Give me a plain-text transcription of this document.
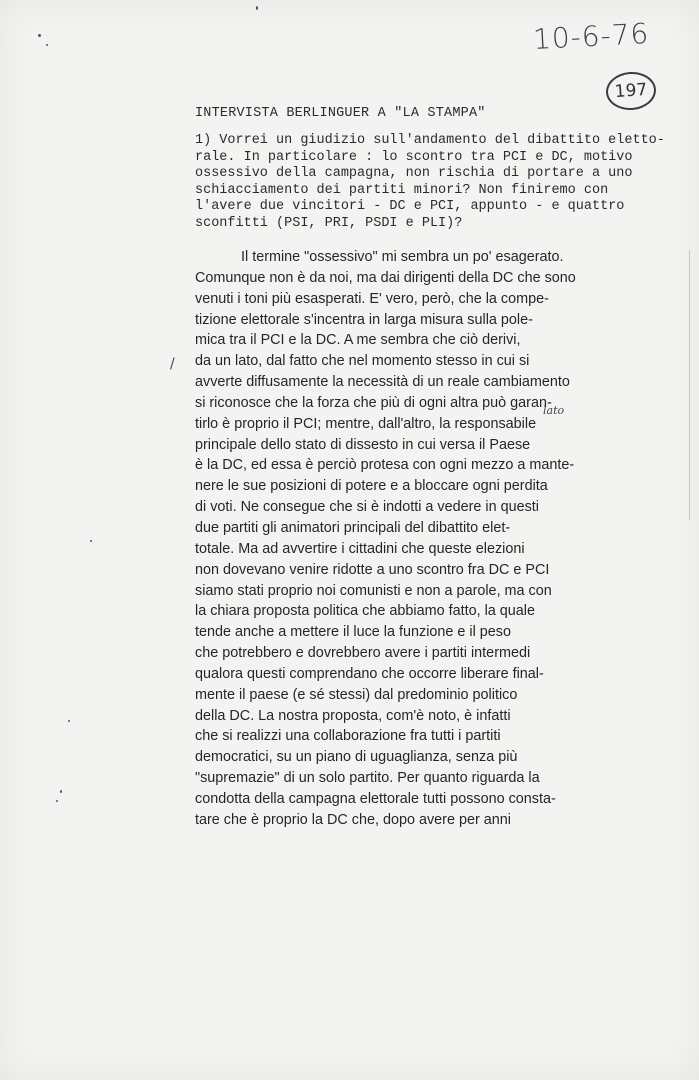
10-6-76
197
INTERVISTA BERLINGUER A "LA STAMPA"
1) Vorrei un giudizio sull'andamento del dibattito eletto-
rale. In particolare : lo scontro tra PCI e DC, motivo
ossessivo della campagna, non rischia di portare a uno
schiacciamento dei partiti minori? Non finiremo con
l'avere due vincitori - DC e PCI, appunto - e quattro
sconfitti (PSI, PRI, PSDI e PLI)?
/
lato
Il termine "ossessivo" mi sembra un po' esagerato.
Comunque non è da noi, ma dai dirigenti della DC che sono
venuti i toni più esasperati. E' vero, però, che la compe-
tizione elettorale s'incentra in larga misura sulla pole-
mica tra il PCI e la DC. A me sembra che ciò derivi,
da un lato, dal fatto che nel momento stesso in cui si
avverte diffusamente la necessità di un reale cambiamento
si riconosce che la forza che più di ogni altra può garan-
tirlo è proprio il PCI; mentre, dall'altro, la responsabile
principale dello stato di dissesto in cui versa il Paese
è la DC, ed essa è perciò protesa con ogni mezzo a mante-
nere le sue posizioni di potere e a bloccare ogni perdita
di voti. Ne consegue che si è indotti a vedere in questi
due partiti gli animatori principali del dibattito elet-
totale. Ma ad avvertire i cittadini che queste elezioni
non dovevano venire ridotte a uno scontro fra DC e PCI
siamo stati proprio noi comunisti e non a parole, ma con
la chiara proposta politica che abbiamo fatto, la quale
tende anche a mettere il luce la funzione e il peso
che potrebbero e dovrebbero avere i partiti intermedi
qualora questi comprendano che occorre liberare final-
mente il paese (e sé stessi) dal predominio politico
della DC. La nostra proposta, com'è noto, è infatti
che si realizzi una collaborazione fra tutti i partiti
democratici, su un piano di uguaglianza, senza più
"supremazie" di un solo partito. Per quanto riguarda la
condotta della campagna elettorale tutti possono consta-
tare che è proprio la DC che, dopo avere per anni
